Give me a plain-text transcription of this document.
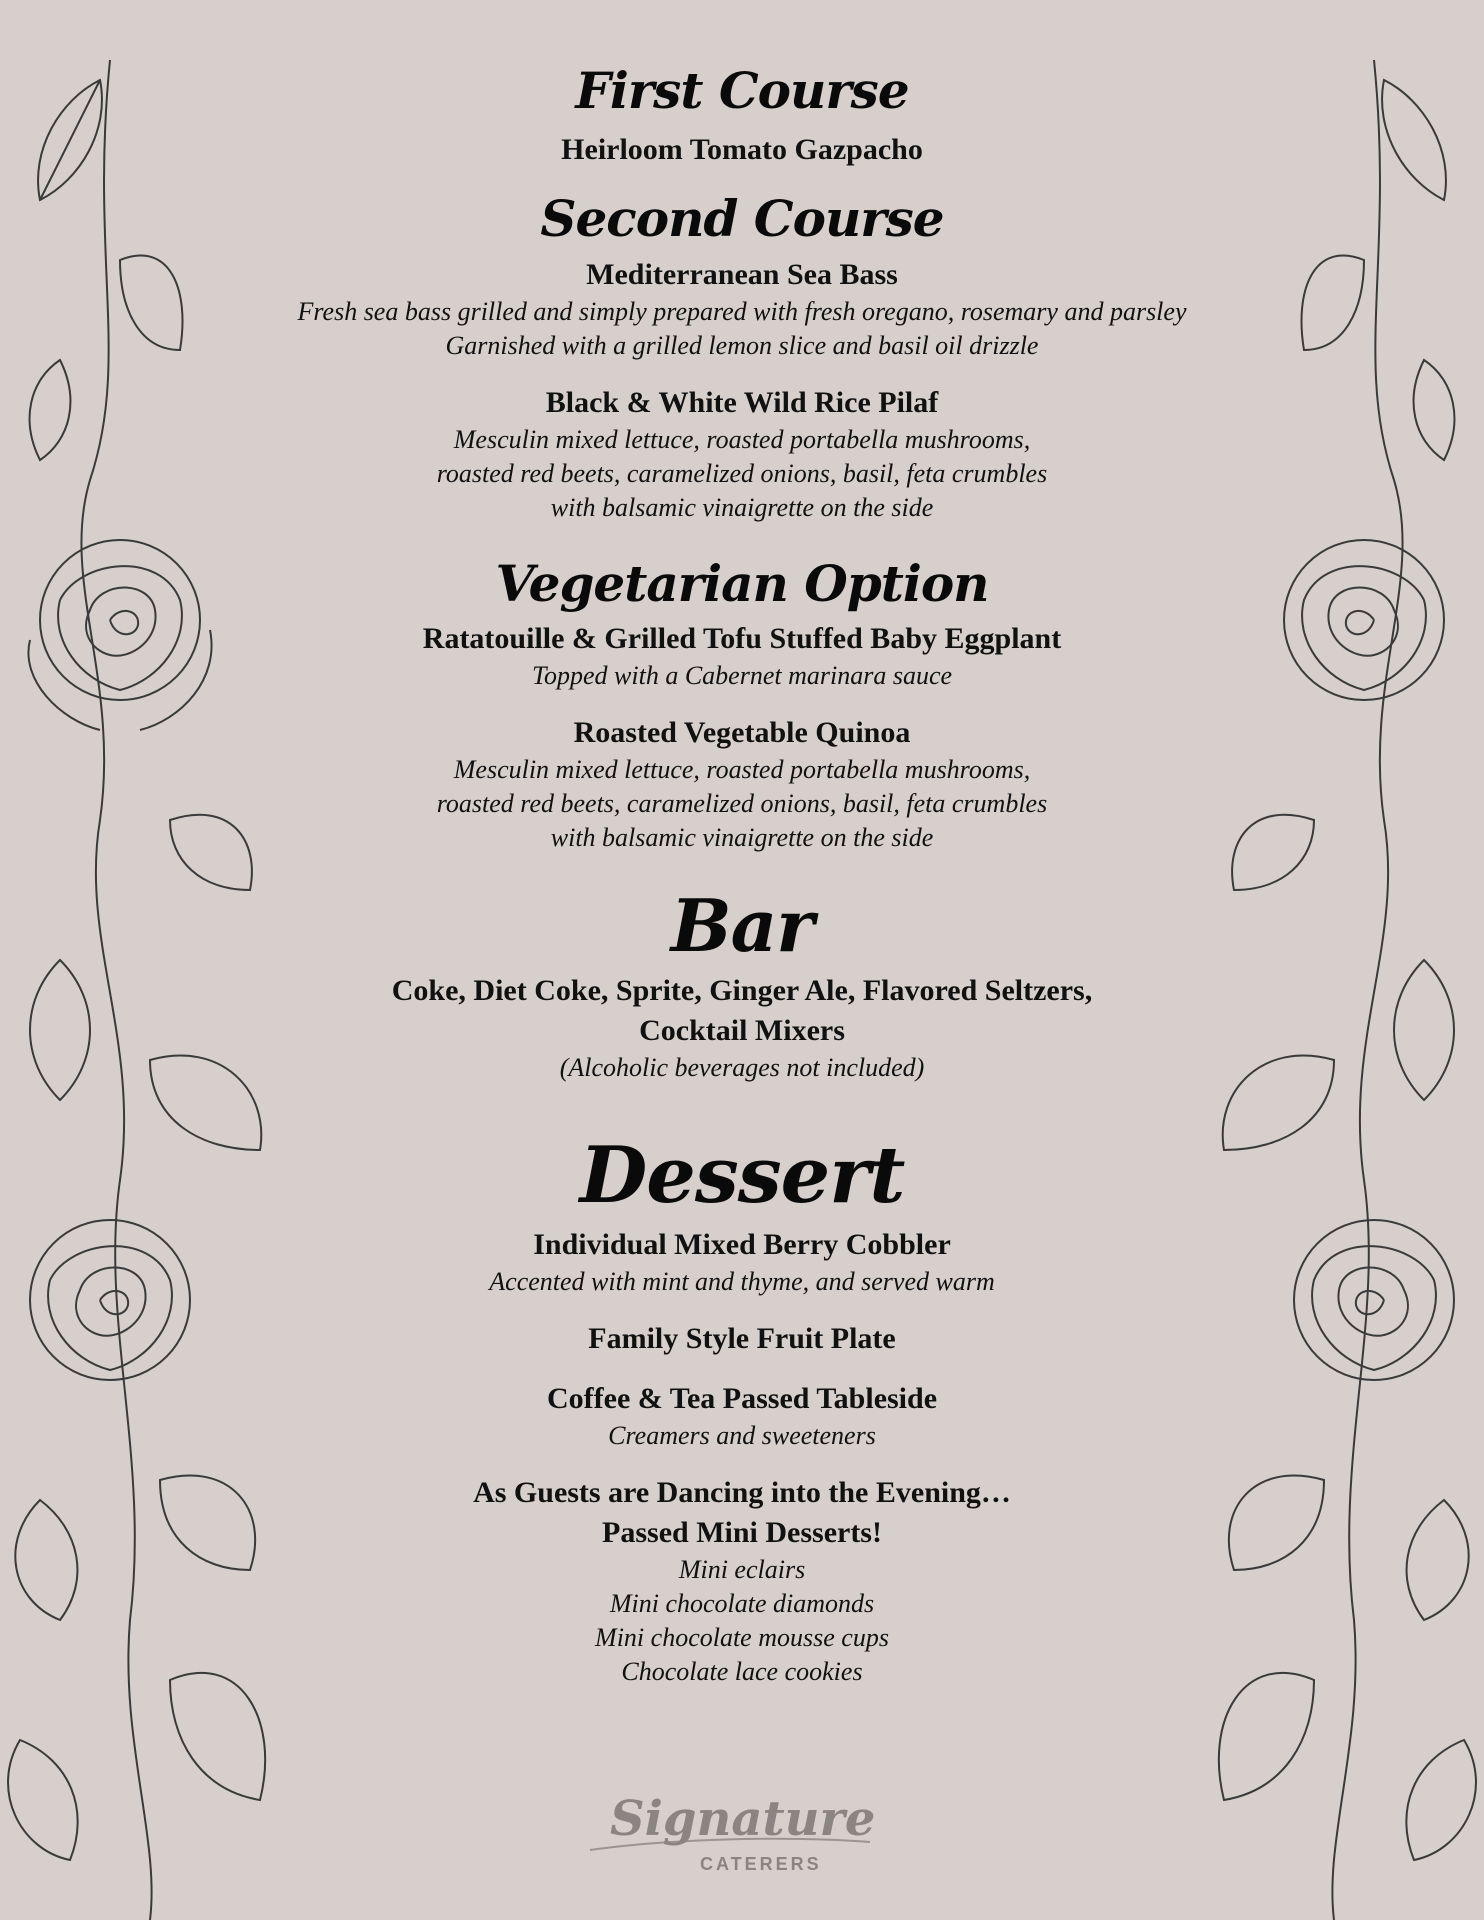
First Course

Heirloom Tomato Gazpacho

Second Course

Mediterranean Sea Bass

Fresh sea bass grilled and simply prepared with fresh oregano, rosemary and parsley

Garnished with a grilled lemon slice and basil oil drizzle

Black & White Wild Rice Pilaf

Mesculin mixed lettuce, roasted portabella mushrooms,

roasted red beets, caramelized onions, basil, feta crumbles

with balsamic vinaigrette on the side

Vegetarian Option

Ratatouille & Grilled Tofu Stuffed Baby Eggplant

Topped with a Cabernet marinara sauce

Roasted Vegetable Quinoa

Mesculin mixed lettuce, roasted portabella mushrooms,

roasted red beets, caramelized onions, basil, feta crumbles

with balsamic vinaigrette on the side

Bar

Coke, Diet Coke, Sprite, Ginger Ale, Flavored Seltzers,

Cocktail Mixers

(Alcoholic beverages not included)

Dessert

Individual Mixed Berry Cobbler

Accented with mint and thyme, and served warm

Family Style Fruit Plate

Coffee & Tea Passed Tableside

Creamers and sweeteners

As Guests are Dancing into the Evening…

Passed Mini Desserts!

Mini eclairs

Mini chocolate diamonds

Mini chocolate mousse cups

Chocolate lace cookies

Signature
CATERERS
